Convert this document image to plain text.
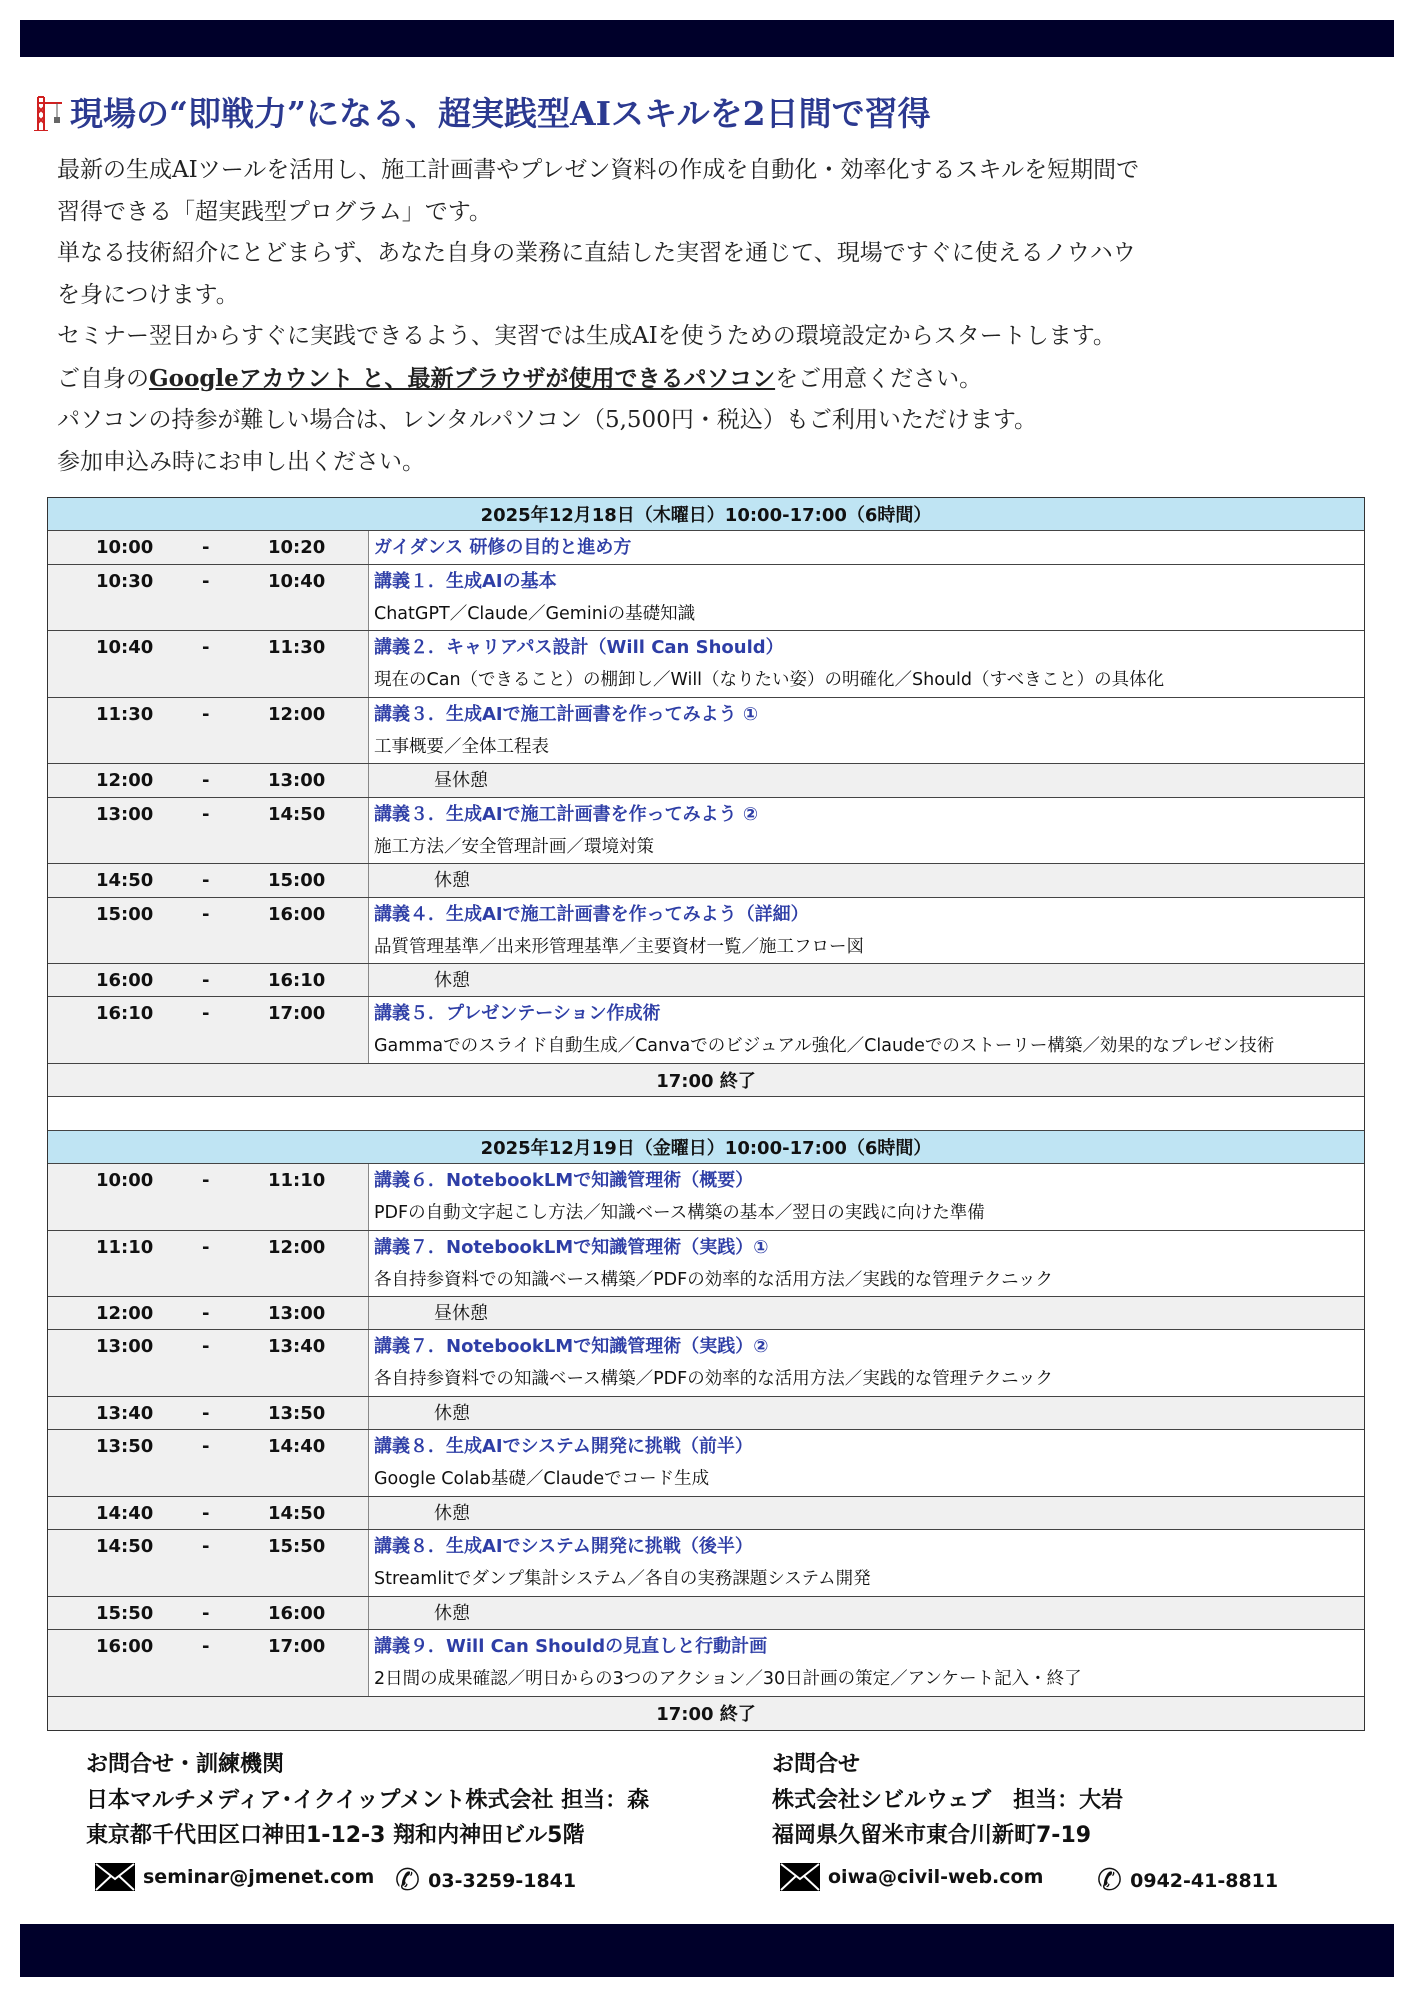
現場の“即戦力”になる、超実践型AIスキルを2日間で習得

最新の生成AIツールを活用し、施工計画書やプレゼン資料の作成を自動化・効率化するスキルを短期間で

習得できる「超実践型プログラム」です。

単なる技術紹介にとどまらず、あなた自身の業務に直結した実習を通じて、現場ですぐに使えるノウハウ

を身につけます。

セミナー翌日からすぐに実践できるよう、実習では生成AIを使うための環境設定からスタートします。

ご自身のGoogleアカウント と、最新ブラウザが使用できるパソコンをご用意ください。

パソコンの持参が難しい場合は、レンタルパソコン（5,500円・税込）もご利用いただけます。

参加申込み時にお申し出ください。

2025年12月18日（木曜日）10:00-17:00（6時間）
10:00	-	10:20	ガイダンス 研修の目的と進め方
10:30	-	10:40	講義１．生成AIの基本
ChatGPT／Claude／Geminiの基礎知識
10:40	-	11:30	講義２．キャリアパス設計（Will Can Should）
現在のCan（できること）の棚卸し／Will（なりたい姿）の明確化／Should（すべきこと）の具体化
11:30	-	12:00	講義３．生成AIで施工計画書を作ってみよう ①
工事概要／全体工程表
12:00	-	13:00	昼休憩
13:00	-	14:50	講義３．生成AIで施工計画書を作ってみよう ②
施工方法／安全管理計画／環境対策
14:50	-	15:00	休憩
15:00	-	16:00	講義４．生成AIで施工計画書を作ってみよう（詳細）
品質管理基準／出来形管理基準／主要資材一覧／施工フロー図
16:00	-	16:10	休憩
16:10	-	17:00	講義５．プレゼンテーション作成術
Gammaでのスライド自動生成／Canvaでのビジュアル強化／Claudeでのストーリー構築／効果的なプレゼン技術
17:00 終了
2025年12月19日（金曜日）10:00-17:00（6時間）
10:00	-	11:10	講義６．NotebookLMで知識管理術（概要）
PDFの自動文字起こし方法／知識ベース構築の基本／翌日の実践に向けた準備
11:10	-	12:00	講義７．NotebookLMで知識管理術（実践）①
各自持参資料での知識ベース構築／PDFの効率的な活用方法／実践的な管理テクニック
12:00	-	13:00	昼休憩
13:00	-	13:40	講義７．NotebookLMで知識管理術（実践）②
各自持参資料での知識ベース構築／PDFの効率的な活用方法／実践的な管理テクニック
13:40	-	13:50	休憩
13:50	-	14:40	講義８．生成AIでシステム開発に挑戦（前半）
Google Colab基礎／Claudeでコード生成
14:40	-	14:50	休憩
14:50	-	15:50	講義８．生成AIでシステム開発に挑戦（後半）
Streamlitでダンプ集計システム／各自の実務課題システム開発
15:50	-	16:00	休憩
16:00	-	17:00	講義９．Will Can Shouldの見直しと行動計画
2日間の成果確認／明日からの3つのアクション／30日計画の策定／アンケート記入・終了
17:00 終了
お問合せ・訓練機関
日本マルチメディア･イクイップメント株式会社 担当：森
東京都千代田区口神田1-12-3 翔和内神田ビル5階
お問合せ
株式会社シビルウェブ　担当：大岩
福岡県久留米市東合川新町7-19
seminar@jmenet.com ✆ 03-3259-1841	oiwa@civil-web.com ✆ 0942-41-8811
